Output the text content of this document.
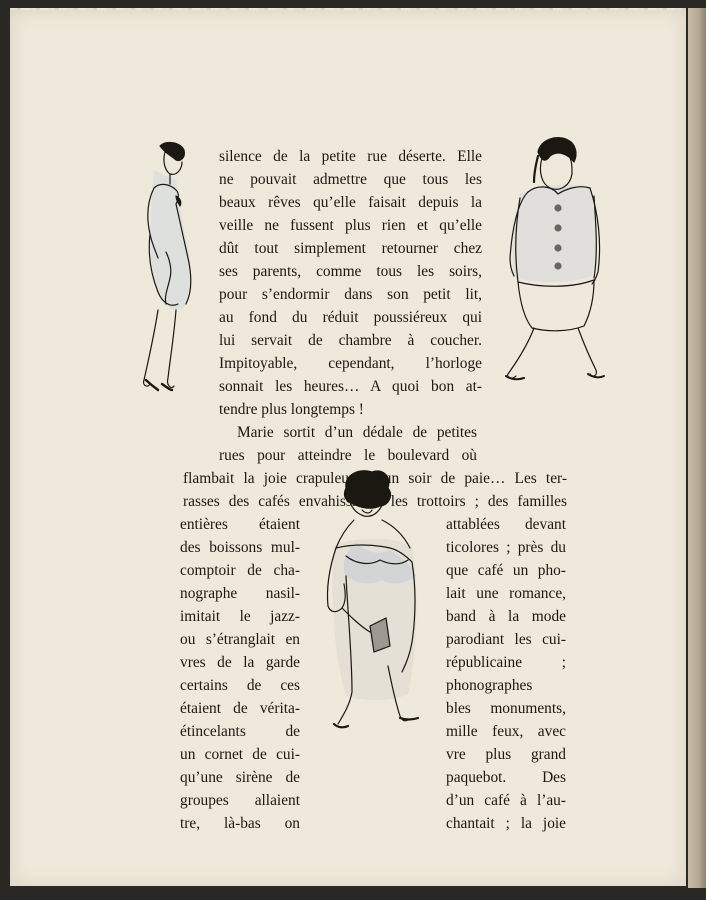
silence de la petite rue déserte. Elle
ne pouvait admettre que tous les
beaux rêves qu’elle faisait depuis la
veille ne fussent plus rien et qu’elle
dût tout simplement retourner chez
ses parents, comme tous les soirs,
pour s’endormir dans son petit lit,
au fond du réduit poussiéreux qui
lui servait de chambre à coucher.
Impitoyable, cependant, l’horloge
sonnait les heures… A quoi bon at-
tendre plus longtemps !
Marie sortit d’un dédale de petites
rues pour atteindre le boulevard où
flambait la joie crapuleuse d’un soir de paie… Les ter-
rasses des cafés envahissaient les trottoirs ; des familles
entières étaient
des boissons mul-
comptoir de cha-
nographe nasil-
imitait le jazz-
ou s’étranglait en
vres de la garde
certains de ces
étaient de vérita-
étincelants de
un cornet de cui-
qu’une sirène de
groupes allaient
tre, là-bas on
attablées devant
ticolores ; près du
que café un pho-
lait une romance,
band à la mode
parodiant les cui-
républicaine ;
phonographes
bles monuments,
mille feux, avec
vre plus grand
paquebot. Des
d’un café à l’au-
chantait ; la joie
